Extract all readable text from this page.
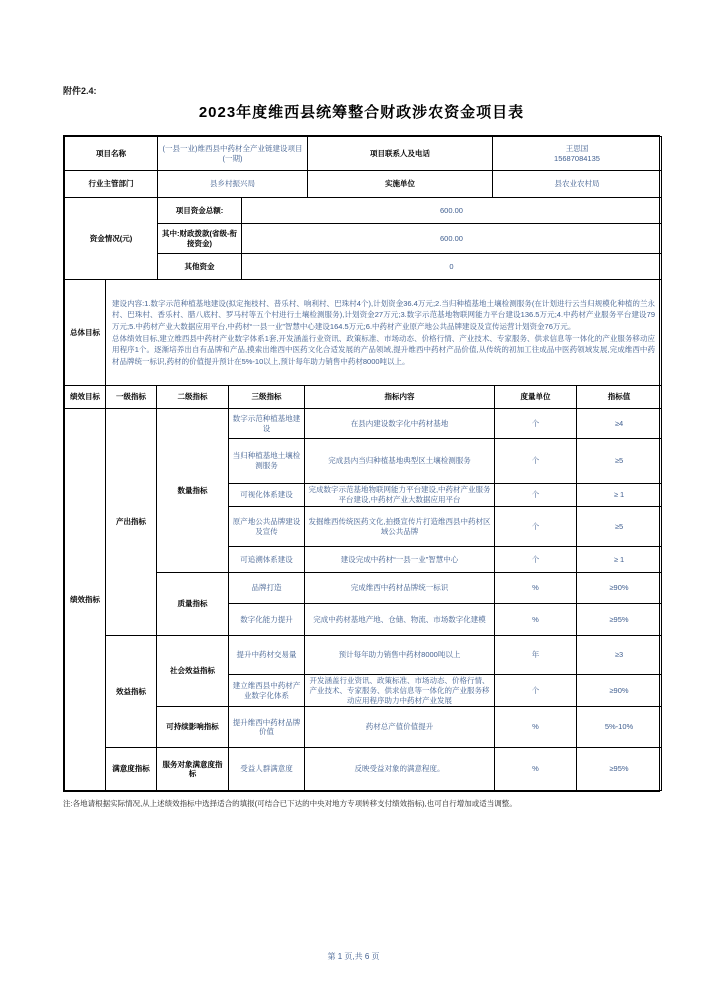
附件2.4:
2023年度维西县统筹整合财政涉农资金项目表
项目名称	(一县一业)维西县中药材全产业链建设项目(一期)	项目联系人及电话	王思国
15687084135

行业主管部门	县乡村振兴局	实施单位	县农业农村局
资金情况(元)	项目资金总额:	600.00
	其中:财政拨款(省级-衔接资金)	600.00
	其他资金	0
总体目标	
建设内容:1.数字示范种植基地建设(拟定拖枝村、普乐村、响利村、巴珠村4个),计划资金36.4万元;2.当归种植基地土壤检测服务(在计划进行云当归规模化种植的兰永村、巴珠村、香乐村、腊八底村、罗马村等五个村进行土壤检测服务),计划资金27万元;3.数字示范基地物联网能力平台建设136.5万元;4.中药材产业服务平台建设79万元;5.中药材产业大数据应用平台,中药材“一县一业”智慧中心建设164.5万元;6.中药材产业原产地公共品牌建设及宣传运营计划资金76万元。
总体绩效目标,建立维西县中药材产业数字体系1套,开发涵盖行业资讯、政策标准、市场动态、价格行情、产业技术、专家服务、供求信息等一体化的产业服务移动应用程序1个。逐渐培养出自有品牌和产品,摸索出维西中医药文化合适发展的产品领域,提升维西中药材产品价值,从传统的初加工往成品中医药领域发展,完成维西中药材品牌统一标识,药材的价值提升预计在5%-10以上,预计每年助力销售中药材8000吨以上。
绩效目标	一级指标	二级指标	三级指标	指标内容	度量单位	指标值
绩效指标	产出指标	数量指标	数字示范种植基地建设	在县内建设数字化中药材基地	个	≥4
			当归种植基地土壤检测服务	完成县内当归种植基地典型区土壤检测服务	个	≥5
			可视化体系建设	完成数字示范基地物联网能力平台建设,中药材产业服务平台建设,中药材产业大数据应用平台	个	≥ 1
			原产地公共品牌建设及宣传	发掘维西传统医药文化,拍摄宣传片打造维西县中药材区域公共品牌	个	≥5
			可追溯体系建设	建设完成中药材“一县一业”智慧中心	个	≥ 1
		质量指标	品牌打造	完成维西中药材品牌统一标识	%	≥90%
			数字化能力提升	完成中药材基地产地、仓储、物流、市场数字化建模	%	≥95%
	效益指标	社会效益指标	提升中药材交易量	预计每年助力销售中药材8000吨以上	年	≥3
			建立维西县中药材产业数字化体系	开发涵盖行业资讯、政策标准、市场动态、价格行情、产业技术、专家服务、供求信息等一体化的产业服务移动应用程序助力中药材产业发展	个	≥90%
		可持续影响指标	提升维西中药材品牌价值	药材总产值价值提升	%	5%-10%
	满意度指标	服务对象满意度指标	受益人群满意度	反映受益对象的满意程度。	%	≥95%
注:各地请根据实际情况,从上述绩效指标中选择适合的填报(可结合已下达的中央对地方专项转移支付绩效指标),也可自行增加或适当调整。
第 1 页,共 6 页
